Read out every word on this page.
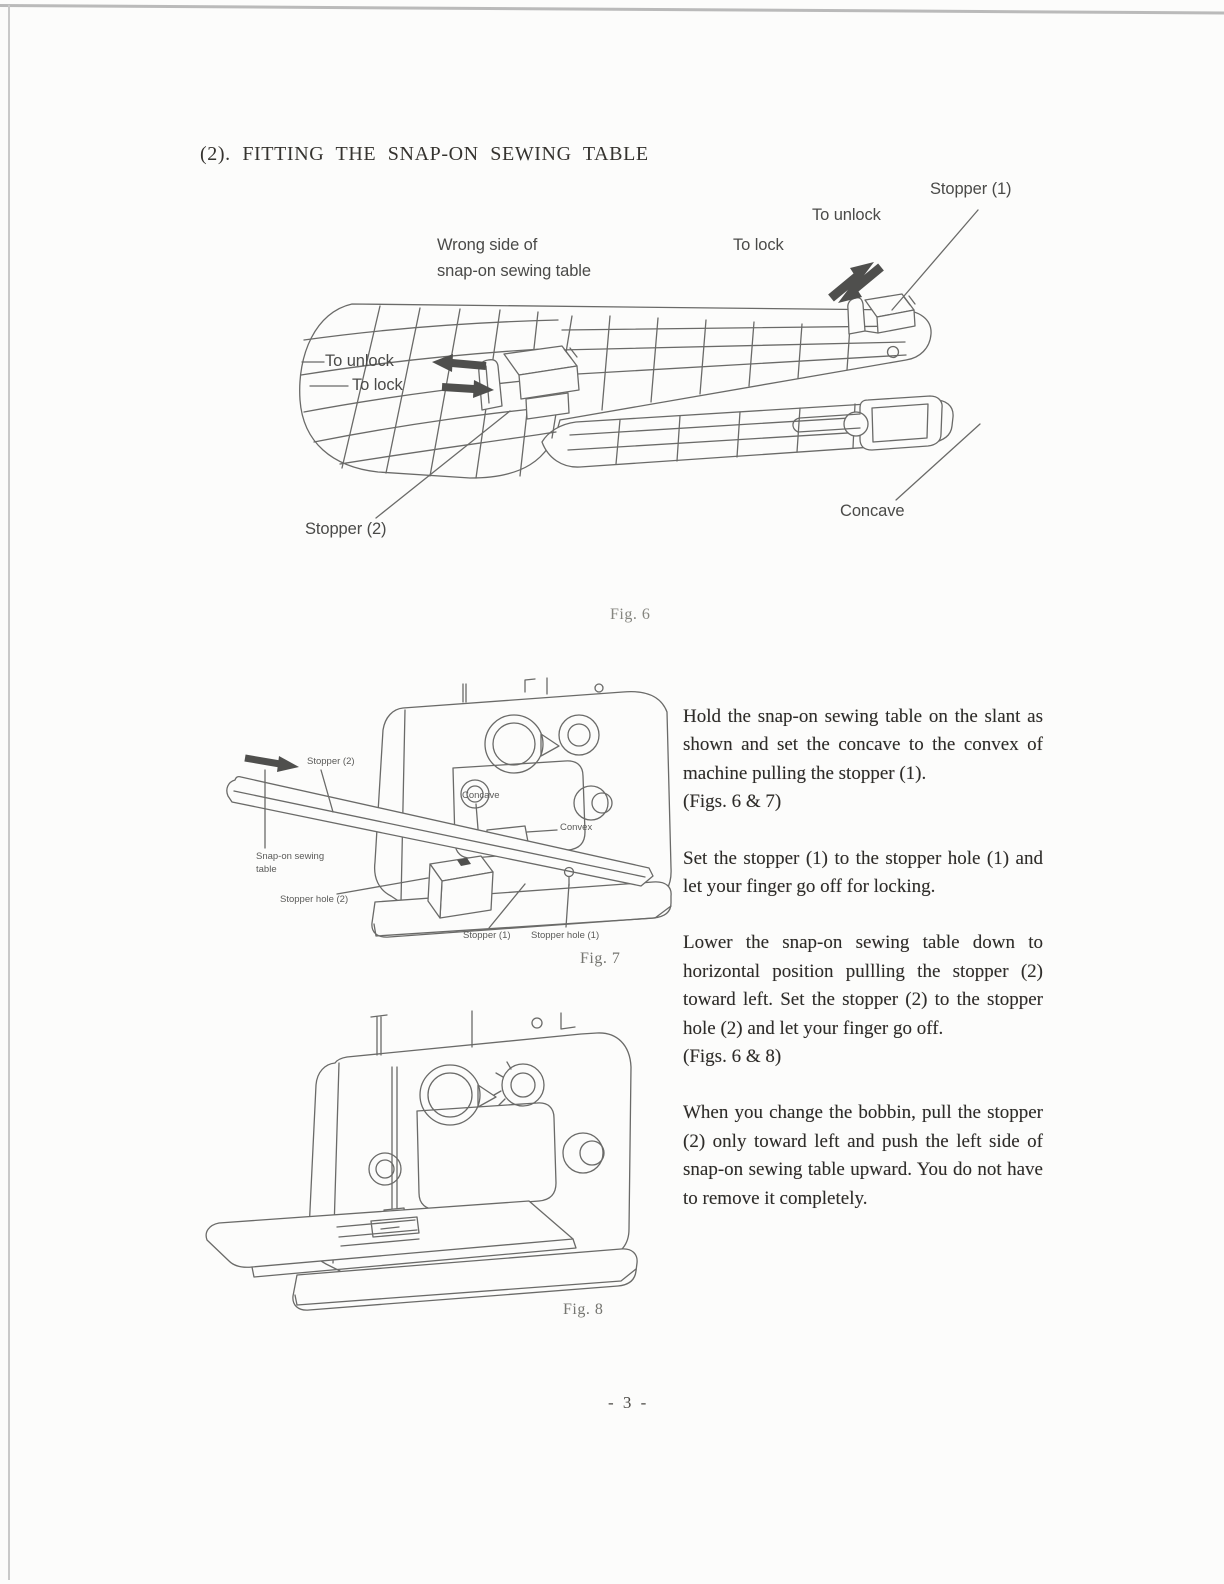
(2). FITTING THE SNAP-ON SEWING TABLE
Stopper (1)
To unlock
To lock
Wrong side of
snap-on sewing table
To unlock
To lock
Stopper (2)
Concave
Fig. 6
Stopper (2)
Concave
Convex
Snap-on sewing
table
Stopper hole (2)
Stopper (1) Stopper hole (1)
Fig. 7

Hold the snap-on sewing table on the slant as shown and set the concave to the convex of machine pulling the stopper (1).

(Figs. 6 & 7)

Set the stopper (1) to the stopper hole (1) and let your finger go off for locking.

Lower the snap-on sewing table down to horizontal position pullling the stopper (2) toward left. Set the stopper (2) to the stopper hole (2) and let your finger go off.

(Figs. 6 & 8)

When you change the bobbin, pull the stopper (2) only toward left and push the left side of snap-on sewing table upward. You do not have to remove it completely.

Fig. 8
- 3 -
